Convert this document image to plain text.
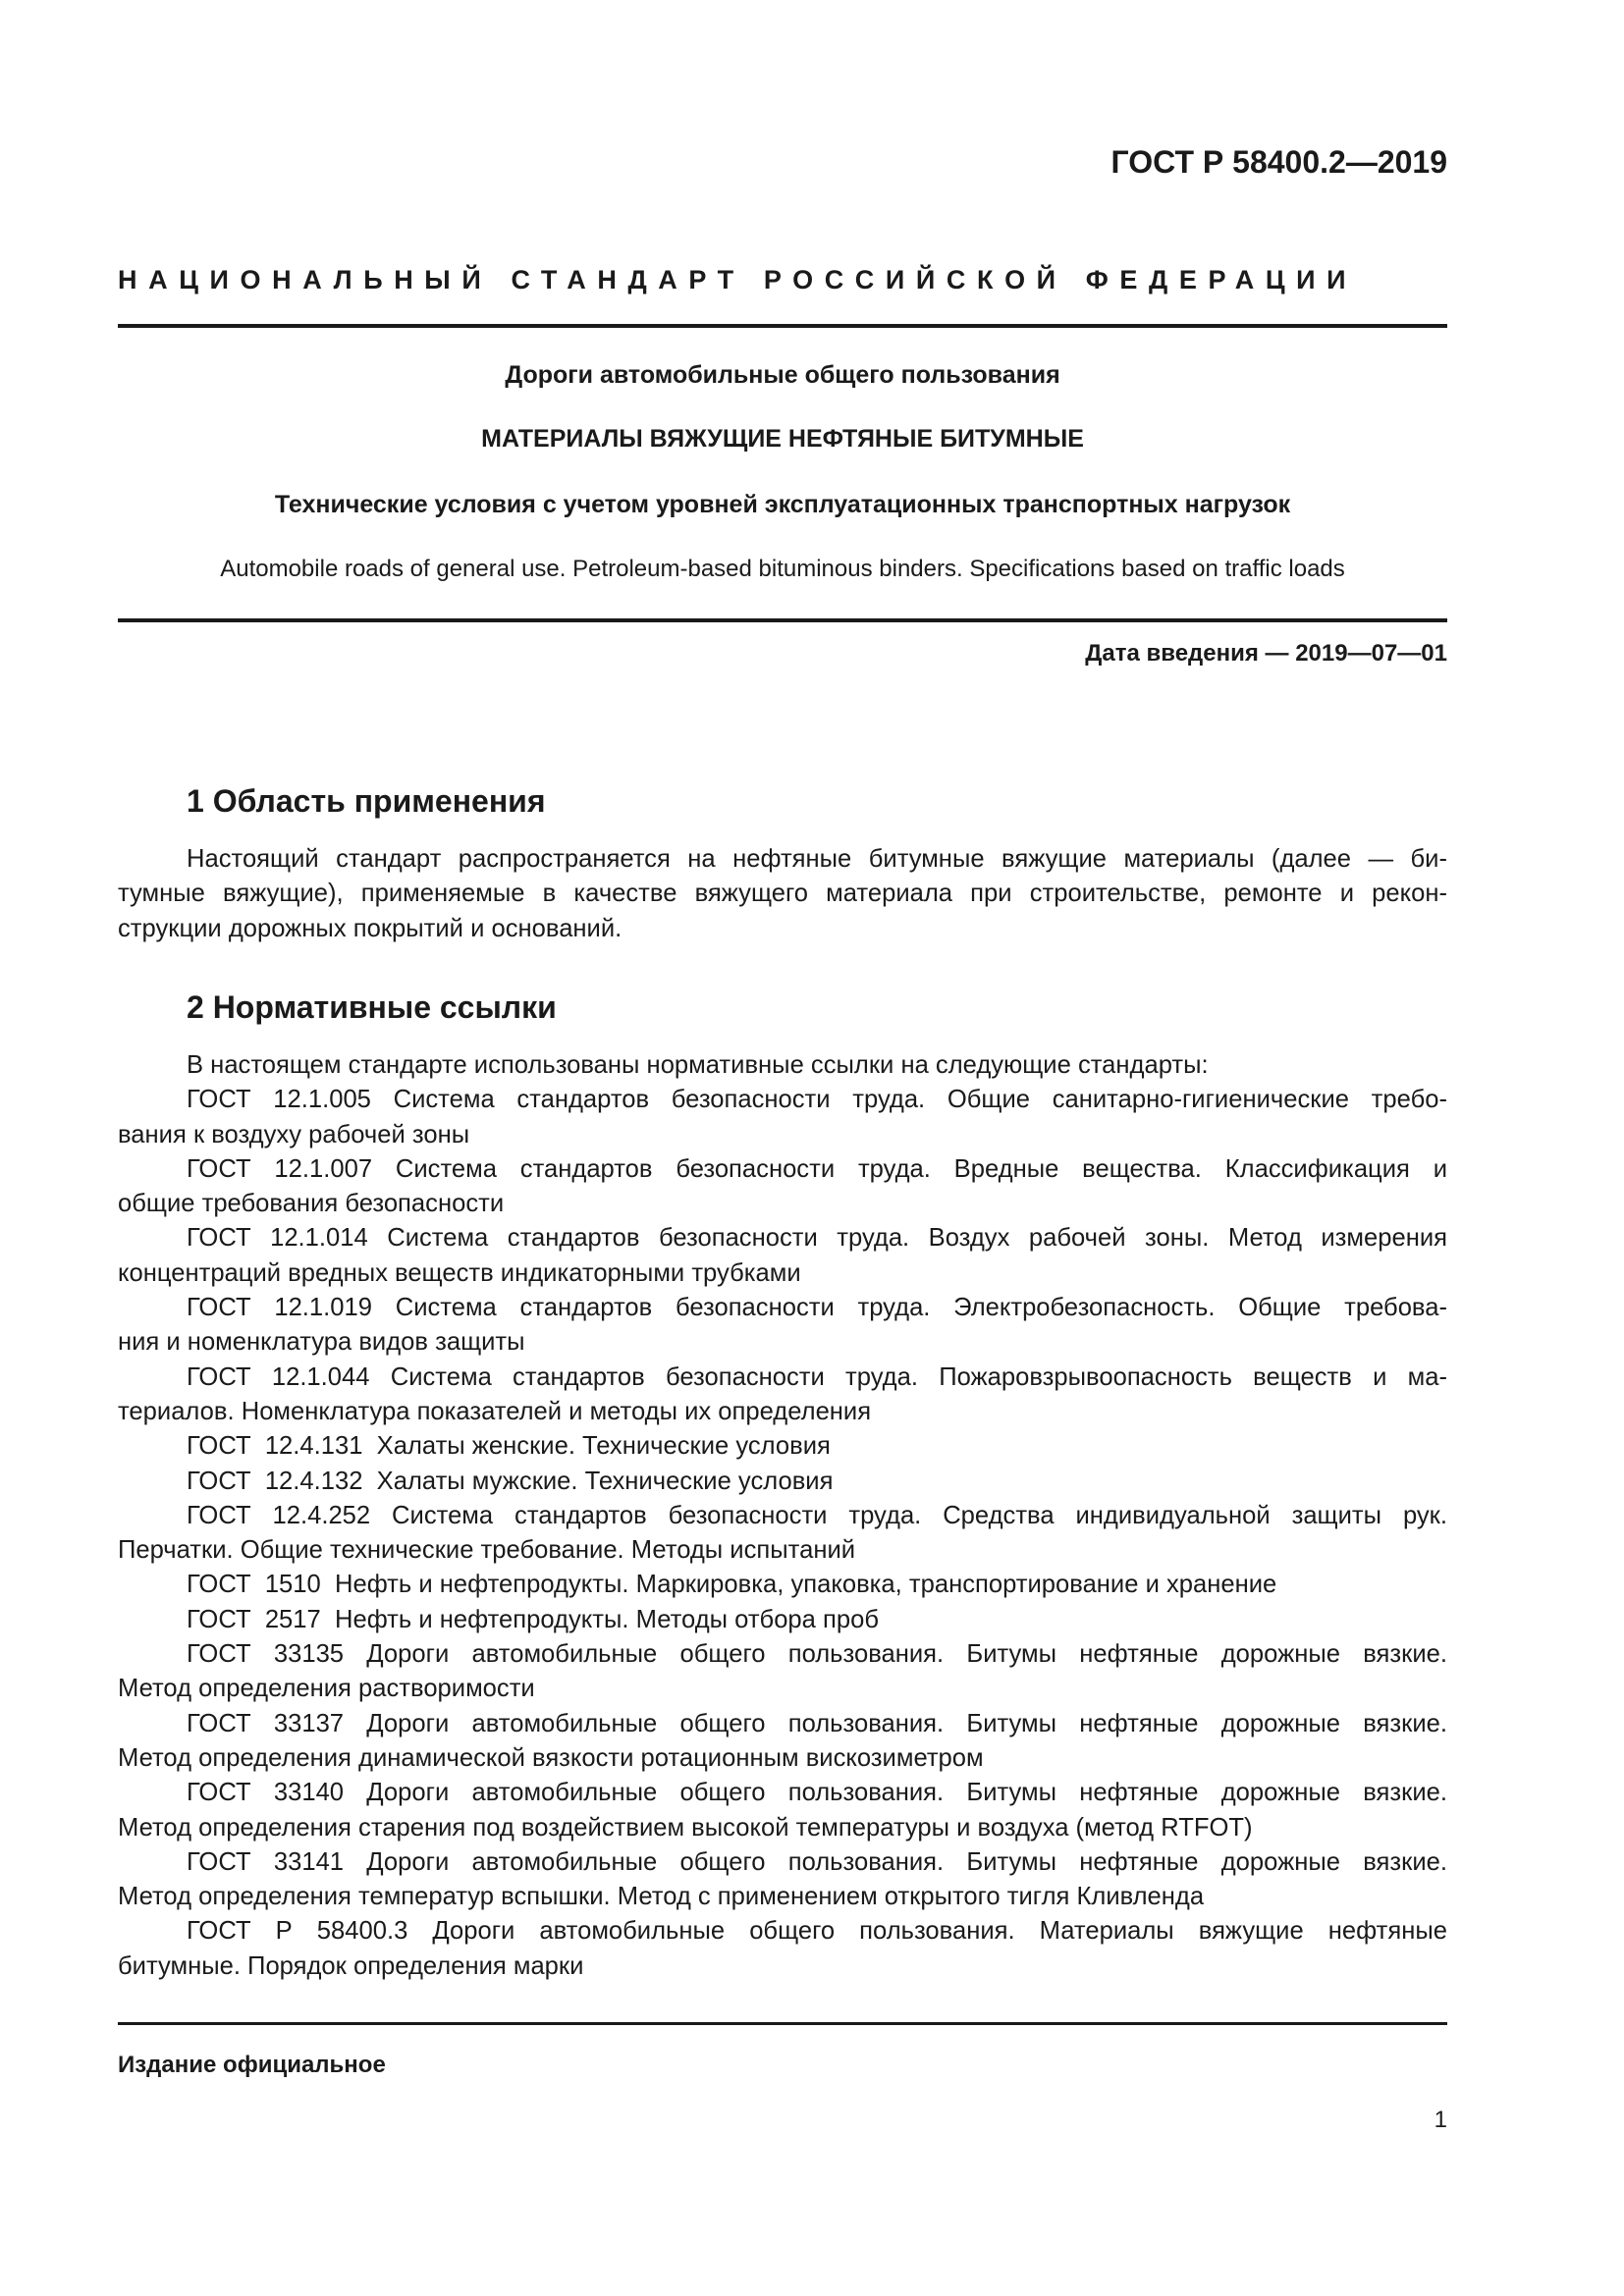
ГОСТ Р 58400.2—2019
НАЦИОНАЛЬНЫЙ СТАНДАРТ РОССИЙСКОЙ ФЕДЕРАЦИИ
Дороги автомобильные общего пользования
МАТЕРИАЛЫ ВЯЖУЩИЕ НЕФТЯНЫЕ БИТУМНЫЕ
Технические условия с учетом уровней эксплуатационных транспортных нагрузок
Automobile roads of general use. Petroleum-based bituminous binders. Specifications based on traffic loads
Дата введения — 2019—07—01
1 Область применения
Настоящий стандарт распространяется на нефтяные битумные вяжущие материалы (далее — би-
тумные вяжущие), применяемые в качестве вяжущего материала при строительстве, ремонте и рекон-
струкции дорожных покрытий и оснований.
2 Нормативные ссылки
В настоящем стандарте использованы нормативные ссылки на следующие стандарты:
ГОСТ 12.1.005 Система стандартов безопасности труда. Общие санитарно-гигиенические требо-
вания к воздуху рабочей зоны
ГОСТ 12.1.007 Система стандартов безопасности труда. Вредные вещества. Классификация и
общие требования безопасности
ГОСТ 12.1.014 Система стандартов безопасности труда. Воздух рабочей зоны. Метод измерения
концентраций вредных веществ индикаторными трубками
ГОСТ 12.1.019 Система стандартов безопасности труда. Электробезопасность. Общие требова-
ния и номенклатура видов защиты
ГОСТ 12.1.044 Система стандартов безопасности труда. Пожаровзрывоопасность веществ и ма-
териалов. Номенклатура показателей и методы их определения
ГОСТ  12.4.131  Халаты женские. Технические условия
ГОСТ  12.4.132  Халаты мужские. Технические условия
ГОСТ 12.4.252 Система стандартов безопасности труда. Средства индивидуальной защиты рук.
Перчатки. Общие технические требование. Методы испытаний
ГОСТ  1510  Нефть и нефтепродукты. Маркировка, упаковка, транспортирование и хранение
ГОСТ  2517  Нефть и нефтепродукты. Методы отбора проб
ГОСТ 33135 Дороги автомобильные общего пользования. Битумы нефтяные дорожные вязкие.
Метод определения растворимости
ГОСТ 33137 Дороги автомобильные общего пользования. Битумы нефтяные дорожные вязкие.
Метод определения динамической вязкости ротационным вискозиметром
ГОСТ 33140 Дороги автомобильные общего пользования. Битумы нефтяные дорожные вязкие.
Метод определения старения под воздействием высокой температуры и воздуха (метод RTFOT)
ГОСТ 33141 Дороги автомобильные общего пользования. Битумы нефтяные дорожные вязкие.
Метод определения температур вспышки. Метод с применением открытого тигля Кливленда
ГОСТ Р 58400.3 Дороги автомобильные общего пользования. Материалы вяжущие нефтяные
битумные. Порядок определения марки
Издание официальное
1
